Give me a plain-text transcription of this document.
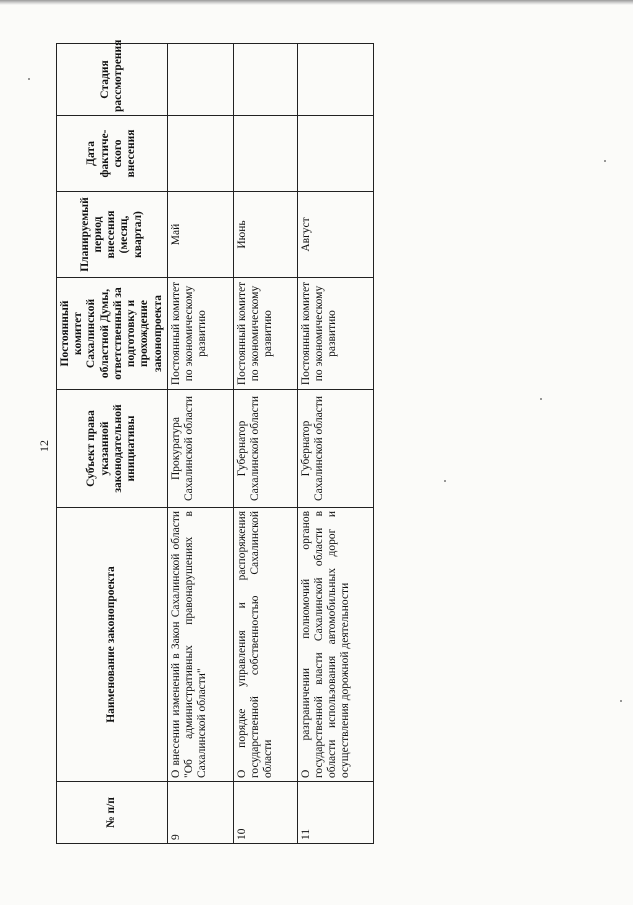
12
№ п/п	Наименование законопроекта	Субъект права указанной законодательной инициативы	Постоянный комитет Сахалинской областной Думы, ответственный за подготовку и прохождение законопроекта	Планируемый период внесения (месяц, квартал)	Дата фактиче-ского внесения	Стадия рассмотрения
9	О внесении изменений в Закон Сахалинской области "Об административных правонарушениях в Сахалинской области"	Прокуратура Сахалинской области	Постоянный комитет по экономическому развитию	Май		
10	О порядке управления и распоряжения государственной собственностью Сахалинской области	Губернатор Сахалинской области	Постоянный комитет по экономическому развитию	Июнь		
11	О разграничении полномочий органов государственной власти Сахалинской области в области использования автомобильных дорог и осуществления дорожной деятельности	Губернатор Сахалинской области	Постоянный комитет по экономическому развитию	Август		
